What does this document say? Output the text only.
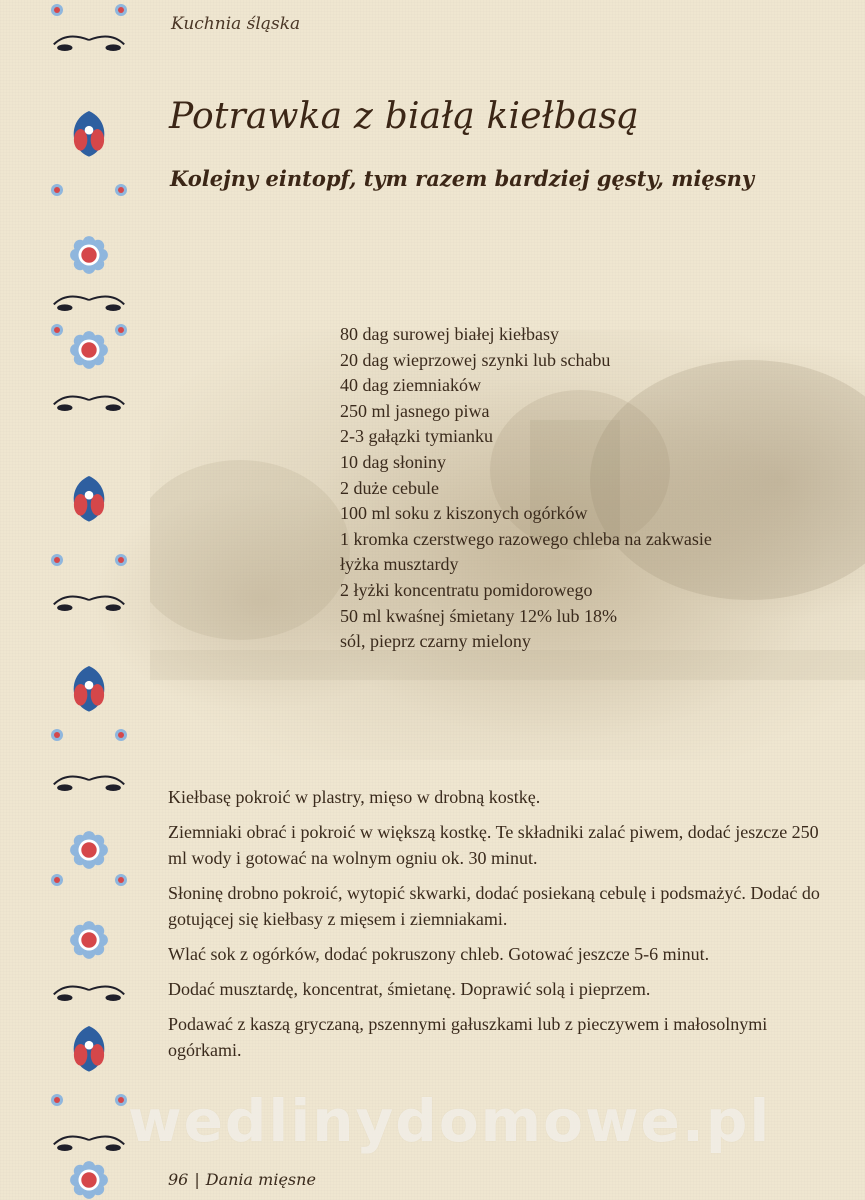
Kuchnia śląska
Potrawka z białą kiełbasą
Kolejny eintopf, tym razem bardziej gęsty, mięsny
80 dag surowej białej kiełbasy
20 dag wieprzowej szynki lub schabu
40 dag ziemniaków
250 ml jasnego piwa
2-3 gałązki tymianku
10 dag słoniny
2 duże cebule
100 ml soku z kiszonych ogórków
1 kromka czerstwego razowego chleba na zakwasie
łyżka musztardy
2 łyżki koncentratu pomidorowego
50 ml kwaśnej śmietany 12% lub 18%
sól, pieprz czarny mielony

Kiełbasę pokroić w plastry, mięso w drobną kostkę.

Ziemniaki obrać i pokroić w większą kostkę. Te składniki zalać piwem, dodać jeszcze 250 ml wody i gotować na wolnym ogniu ok. 30 minut.

Słoninę drobno pokroić, wytopić skwarki, dodać posiekaną cebulę i podsmażyć. Dodać do gotującej się kiełbasy z mięsem i ziemniakami.

Wlać sok z ogórków, dodać pokruszony chleb. Gotować jeszcze 5-6 minut.

Dodać musztardę, koncentrat, śmietanę. Doprawić solą i pieprzem.

Podawać z kaszą gryczaną, pszennymi gałuszkami lub z pieczywem i małosolnymi ogórkami.

wedlinydomowe.pl
96 | Dania mięsne
